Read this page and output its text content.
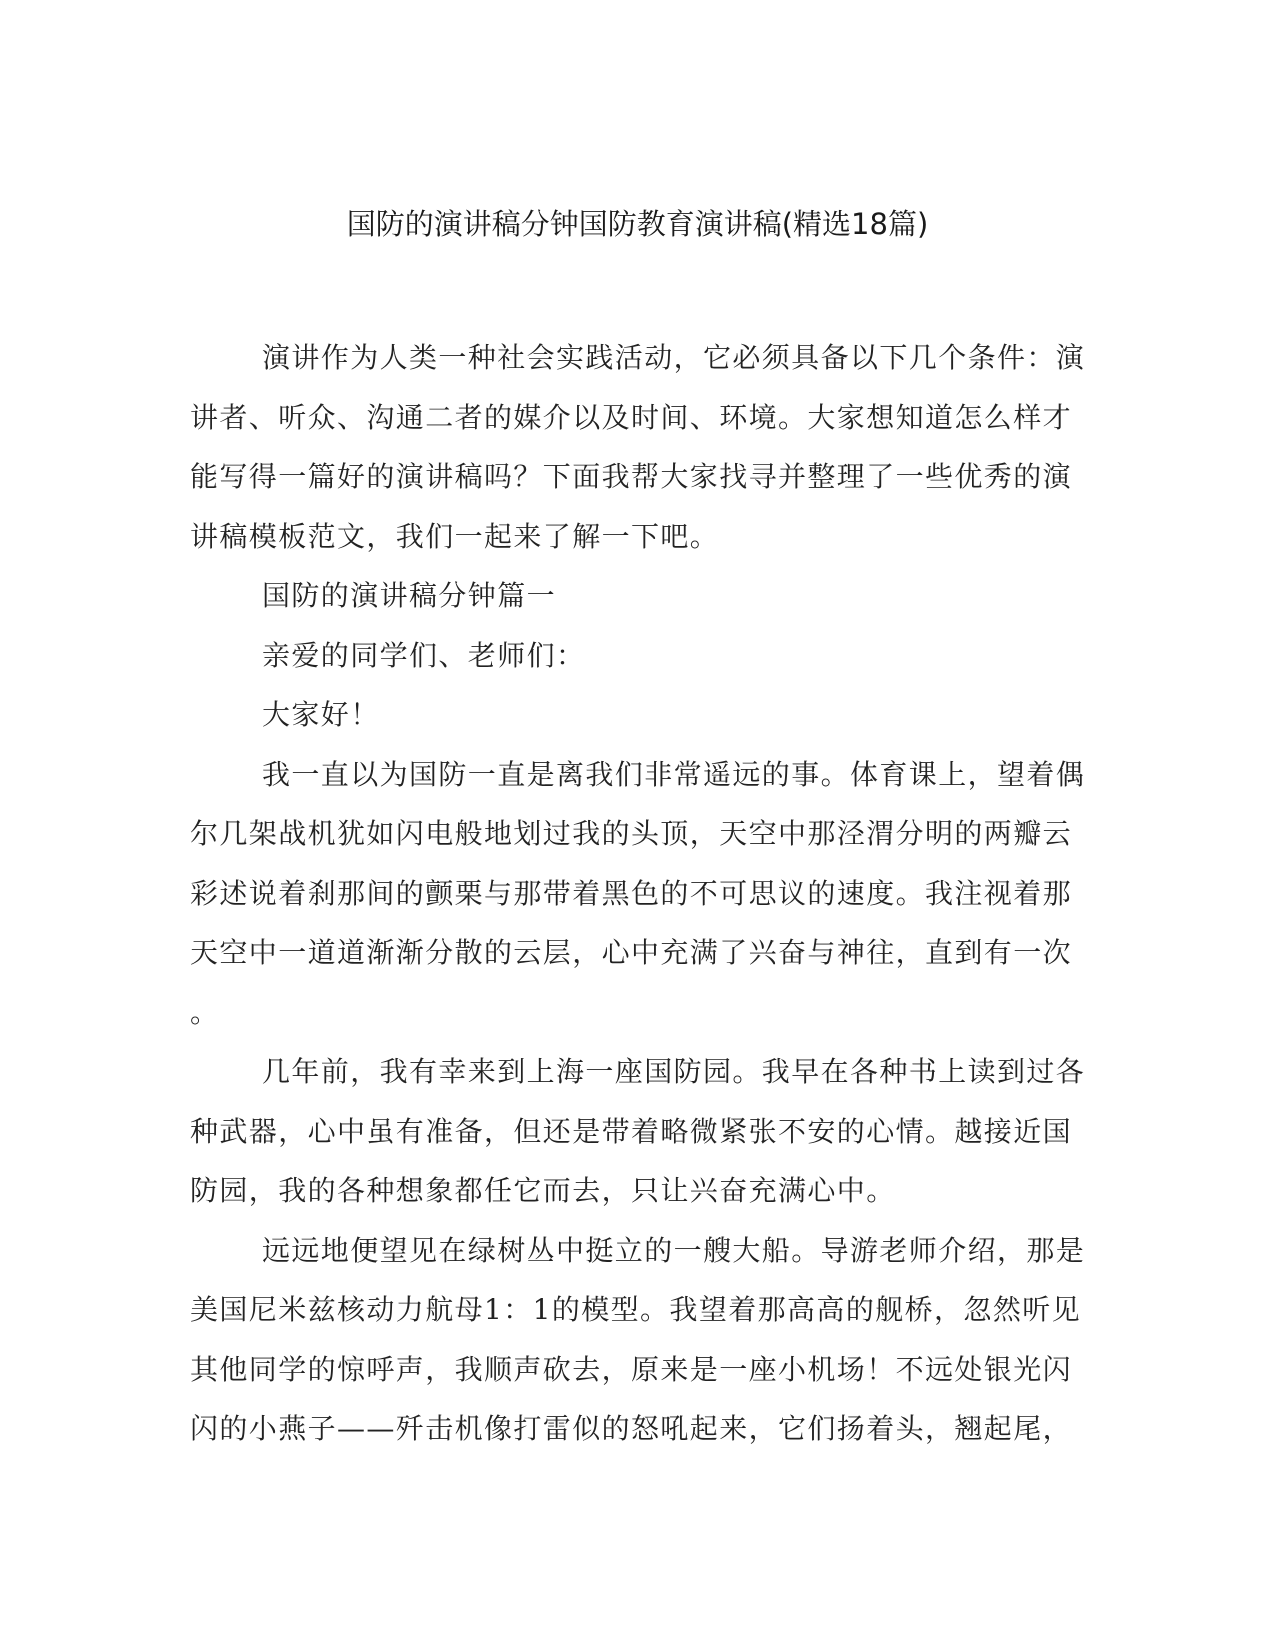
国防的演讲稿分钟国防教育演讲稿(精选18篇)
演讲作为人类一种社会实践活动，它必须具备以下几个条件：演
讲者、听众、沟通二者的媒介以及时间、环境。大家想知道怎么样才
能写得一篇好的演讲稿吗？下面我帮大家找寻并整理了一些优秀的演
讲稿模板范文，我们一起来了解一下吧。
国防的演讲稿分钟篇一
亲爱的同学们、老师们：
大家好！
我一直以为国防一直是离我们非常遥远的事。体育课上，望着偶
尔几架战机犹如闪电般地划过我的头顶，天空中那泾渭分明的两瓣云
彩述说着刹那间的颤栗与那带着黑色的不可思议的速度。我注视着那
天空中一道道渐渐分散的云层，心中充满了兴奋与神往，直到有一次
。
几年前，我有幸来到上海一座国防园。我早在各种书上读到过各
种武器，心中虽有准备，但还是带着略微紧张不安的心情。越接近国
防园，我的各种想象都任它而去，只让兴奋充满心中。
远远地便望见在绿树丛中挺立的一艘大船。导游老师介绍，那是
美国尼米兹核动力航母1：1的模型。我望着那高高的舰桥，忽然听见
其他同学的惊呼声，我顺声砍去，原来是一座小机场！不远处银光闪
闪的小燕子——歼击机像打雷似的怒吼起来，它们扬着头，翘起尾，
